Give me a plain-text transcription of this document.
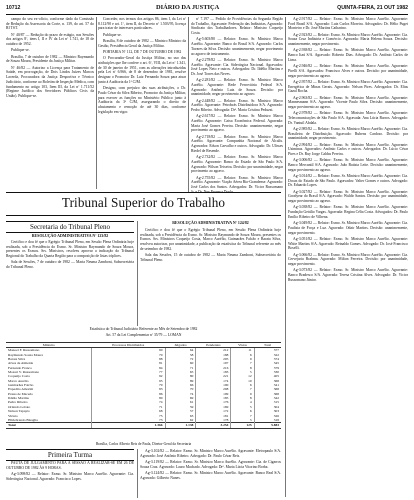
10712	DIÁRIO DA JUSTIÇA	QUINTA-FEIRA, 21 OUT 1982

campo do seu ex-ofício, conforme dado da Comissão de Redação da Assessoria da Corte, n. 139, do art. 57 do RI TST.

Nº 40/87 — Redução do prazo de estágio, nas Sessões dos artigos 8º, itens I, II e IV da Lei nº 1.741, de 18 de outubro de 1952.

Publique-se.

Brasília, 7 de outubro de 1982 — Ministro Raymundo de Souza Moura, Presidente da Justiça Militar.

Nº 46/82 — Autorizo a Licença para Tratamento de Saúde, em prorrogação, de Dois Lindos Juízes Marcos Lacerda, Procuradora da Justiça Desportiva e Técnico Judiciário, conforme ao Boletim de Inspeção Médica, com fundamento no artigo 103, Item III, da Lei nº 1.711/52 (Regime Jurídico dos Servidores Públicos Civis da União). Publique-se.

Conceder, nos termos dos artigos 86, item I, da Lei nº 8.112/90 e art. 1º, item II, do Decreto nº 1.503/95, licença para tratar de interesses particulares.

Publique-se.

Brasília, 8 de outubro de 1982 — Ministro Ministro da Gestão, Presidência Geral da Justiça Militar.

PORTARIA Nº 112, DE 7 DE OUTUBRO DE 1982

O Procurador-Geral da Justiça Militar, no uso das atribuições que lhe confere o art. 6º, VIII, da Lei nº 1.341, de 30 de janeiro de 1951, com as alterações introduzidas pela Lei nº 6.966, de 8 de dezembro de 1981, resolve designar o Promotor Dr. Luiz Fernando Souza para atuar junto à Auditoria da 1ª CJM.

Designo, com prejuízo das suas atribuições, o Dr. Paulo César da Silva Ribeiro, Promotor da Justiça Militar, para exercer as funções no Ministério Público junto à Auditoria da 3ª CJM, assegurando o direito de afastamento e remoção de até 30 dias, conforme legislação em vigor.

nº 7.197 — Pedido de Providências da Segunda Região do Trabalho, Agravante: Federação das Indústrias, Agravado: Sindicato dos Trabalhadores. Relator: Ministro Coqueijo Costa.

Ag-5.603/80 — Relator: Exmo. Sr. Ministro Marco Aurélio. Agravante: Banco do Brasil S/A. Agravado: Carlos Tavares da Silva. Decisão: unanimemente, negar provimento ao agravo de instrumento.

Ag-2.278/82 — Relator: Exmo. Sr. Ministro Marco Aurélio. Agravante: Cia. Siderúrgica Nacional. Agravados: José Lopes Neto e outros. Advogados: Dr. Ildélio Martins e Dr. José Torres das Neves.

Ag-2.281/82 — Relator: Exmo. Sr. Ministro Marco Aurélio. Agravante: Rede Ferroviária Federal S/A. Agravado: Antônio Luiz de Souza. Decisão: por unanimidade, negar provimento ao agravo.

Ag-2.448/82 — Relator: Exmo. Sr. Ministro Marco Aurélio. Agravante: Petrobrás Distribuidora S/A. Agravado: Pedro Ribeiro. Advogada: Drª. Maria Cristina Peduzzi.

Ag-2.617/82 — Relator: Exmo. Sr. Ministro Marco Aurélio. Agravante: Caixa Econômica Federal. Agravada: Maria José Gomes Pereira. Decisão: unanimemente, negar provimento ao agravo.

Ag-2.718/82 — Relator: Exmo. Sr. Ministro Marco Aurélio. Agravante: Companhia Nacional de Álcalis. Agravados: Edson Carvalho e outros. Advogado: Dr. Ulisses Riedel de Resende.

Ag-2.732/82 — Relator: Exmo. Sr. Ministro Marco Aurélio. Agravante: Banco do Estado de São Paulo S/A. Agravado: Wilson Teixeira. Decisão: por unanimidade, negar provimento ao agravo.

Ag-2.755/82 — Relator: Exmo. Sr. Ministro Marco Aurélio. Agravante: Viação Aérea Rio-Grandense. Agravado: José Carlos dos Santos. Advogados: Dr. Victor Russomano Jr. e Dr. Ney Proença Doyle.

Ag-2.917/82 — Relator: Exmo. Sr. Ministro Marco Aurélio. Agravante: Ford Brasil S/A. Agravado: Luiz Carlos Moreira. Advogados: Dr. Hélio Puget Monteiro e Dr. José Martins Catharino.

Ag-2.923/82 — Relator: Exmo. Sr. Ministro Marco Aurélio. Agravante: Cia. Souza Cruz Indústria e Comércio. Agravada: Maria Helena Souza. Decisão: unanimemente, negar provimento.

Ag-2.938/82 — Relator: Exmo. Sr. Ministro Marco Aurélio. Agravante: Banco Itaú S/A. Agravado: Roberto Dias. Advogado: Dr. Antônio Carlos de Lima.

Ag-2.946/82 — Relator: Exmo. Sr. Ministro Marco Aurélio. Agravante: Pirelli S/A. Agravados: Francisco Alves e outros. Decisão: por unanimidade, negar provimento ao agravo.

Ag-2.957/82 — Relator: Exmo. Sr. Ministro Marco Aurélio. Agravante: Cia. Energética de Minas Gerais. Agravado: Nelson Pires. Advogados: Dr. Elias Gazal Rocha.

Ag-2.963/82 — Relator: Exmo. Sr. Ministro Marco Aurélio. Agravante: Mannesmann S/A. Agravado: Vicente Paulo Silva. Decisão: unanimemente, negar provimento ao agravo.

Ag-2.978/82 — Relator: Exmo. Sr. Ministro Marco Aurélio. Agravante: Telecomunicações de São Paulo S/A. Agravada: Ana Lúcia Barros. Advogado: Dr. Vantuil Abdala.

Ag-2.985/82 — Relator: Exmo. Sr. Ministro Marco Aurélio. Agravante: Cia. Brasileira de Distribuição. Agravado: Rubens Cardoso. Decisão: por unanimidade, negar provimento.

Ag-2.994/82 — Relator: Exmo. Sr. Ministro Marco Aurélio. Agravante: Usiminas. Agravados: Antônio Carlos e outros. Advogados: Dr. Lúcio César Pires e Dr. Ruy Jorge Caldas Pereira.

Ag-3.006/82 — Relator: Exmo. Sr. Ministro Marco Aurélio. Agravante: Banco Mercantil S/A. Agravado: João Batista Leite. Decisão: unanimemente, negar provimento ao agravo.

Ag-3.014/82 — Relator: Exmo. Sr. Ministro Marco Aurélio. Agravante: Cia. Docas do Estado de São Paulo. Agravados: Valter Gomes e outros. Advogado: Dr. Eduardo Lopes.

Ag-3.027/82 — Relator: Exmo. Sr. Ministro Marco Aurélio. Agravante: Goodyear do Brasil S/A. Agravado: Waldir Santos. Decisão: por unanimidade, negar provimento ao agravo.

Ag-3.038/82 — Relator: Exmo. Sr. Ministro Marco Aurélio. Agravante: Fundação Getúlio Vargas. Agravada: Regina Célia Costa. Advogados: Dr. Paulo Emílio Ribeiro de Vilhena.

Ag-3.049/82 — Relator: Exmo. Sr. Ministro Marco Aurélio. Agravante: Cia. Paulista de Força e Luz. Agravado: Odair Martins. Decisão: unanimemente, negar provimento.

Ag-3.051/82 — Relator: Exmo. Sr. Ministro Marco Aurélio. Agravante: White Martins S/A. Agravado: Reinaldo Gomes. Advogado: Dr. José Francisco Boselli.

Ag-3.066/82 — Relator: Exmo. Sr. Ministro Marco Aurélio. Agravante: Cia. Cervejaria Brahma. Agravado: Milton Ferreira. Decisão: por unanimidade, negar provimento.

Ag-3.073/82 — Relator: Exmo. Sr. Ministro Marco Aurélio. Agravante: Banco Bradesco S/A. Agravada: Teresa Cristina Alves. Advogado: Dr. Victor Russomano Júnior.

Tribunal Superior do Trabalho
Secretaria do Tribunal Pleno
RESOLUÇÃO ADMINISTRATIVA Nº 123/82

Certifico e dou fé que o Egrégio Tribunal Pleno, em Sessão Plena Ordinária hoje realizada, sob a Presidência do Exmo. Sr. Ministro Raymundo de Souza Moura, presentes os Exmos. Srs. Ministros, resolveu aprovar a indicação do Tribunal Regional do Trabalho da Quarta Região para a composição de listas tríplices.

Sala de Sessões, 7 de outubro de 1982 — Maria Neuma Zamboni, Subsecretária do Tribunal Pleno.

RESOLUÇÃO ADMINISTRATIVA Nº 124/82

Certifico e dou fé que o Egrégio Tribunal Pleno, em Sessão Plena Ordinária hoje realizada, sob a Presidência do Exmo. Sr. Ministro Raymundo de Souza Moura, presentes os Exmos. Srs. Ministros Coqueijo Costa, Marco Aurélio, Guimarães Falcão e Barata Silva, resolveu autorizar, por unanimidade, a publicação da estatística do Tribunal referente ao mês de setembro de 1982.

Sala das Sessões, 15 de outubro de 1982 — Maria Neuma Zamboni, Subsecretária do Tribunal Pleno.

Estatística do Tribunal Judiciário Referente ao Mês de Setembro de 1982
Art. 57 da Lei Complementar nº 35/79 — LOMAN
Ministro	Processos Distribuídos	Julgados	Pendentes	Vistos	Total
Manoel F. Russomano	90	64	212	11	377
Raymundo Souza Moura	70	58	188	6	322
Barata Silva	88	72	205	9	374
Alves de Almeida	81	60	197	7	345
Fernando Franco	84	71	216	8	379
Mozart V. Russomano	77	65	183	5	330
Coqueijo Costa	92	80	221	12	405
Marco Aurélio	95	89	174	10	368
Guimarães Falcão	79	66	190	6	341
Expedito Amorim	83	70	208	7	368
Prates de Macedo	86	74	199	9	368
Ildélio Martins	80	69	185	8	342
Pedro Ribeiro	74	61	176	4	315
Orlando Lobato	71	59	169	5	304
Nelson Tapajós	68	57	172	6	303
Viriato	75	63	181	7	326
Hildebrando Bisaglia	73	62	178	5	318
Total	1.366	1.138	3.254	125	5.883
Brasília, Carlos Alberto Reis de Paula, Diretor-Geral da Secretaria
Primeira Turma

PAUTA DE JULGAMENTO PARA A SESSÃO A REALIZAR-SE EM 26 DE OUTUBRO DE 1982 ÀS 9 HORAS.

Ag-3.098/82 — Relator: Exmo. Sr. Ministro Marco Aurélio. Agravante: Cia. Siderúrgica Nacional. Agravado: Francisco Lopes.

Ag-3.102/82 — Relator: Exmo. Sr. Ministro Marco Aurélio. Agravante: Eletropaulo S/A. Agravado: José Antônio Ribeiro. Advogado: Dr. Paulo Cézar Reis.

Ag-3.119/82 — Relator: Exmo. Sr. Ministro Marco Aurélio. Agravante: Cia. de Cigarros Souza Cruz. Agravado: Lauro Machado. Advogada: Drª. Maria Lúcia Vitorino Borba.

Ag-3.124/82 — Relator: Exmo. Sr. Ministro Marco Aurélio. Agravante: Banco Real S/A. Agravado: Gilberto Nunes.
